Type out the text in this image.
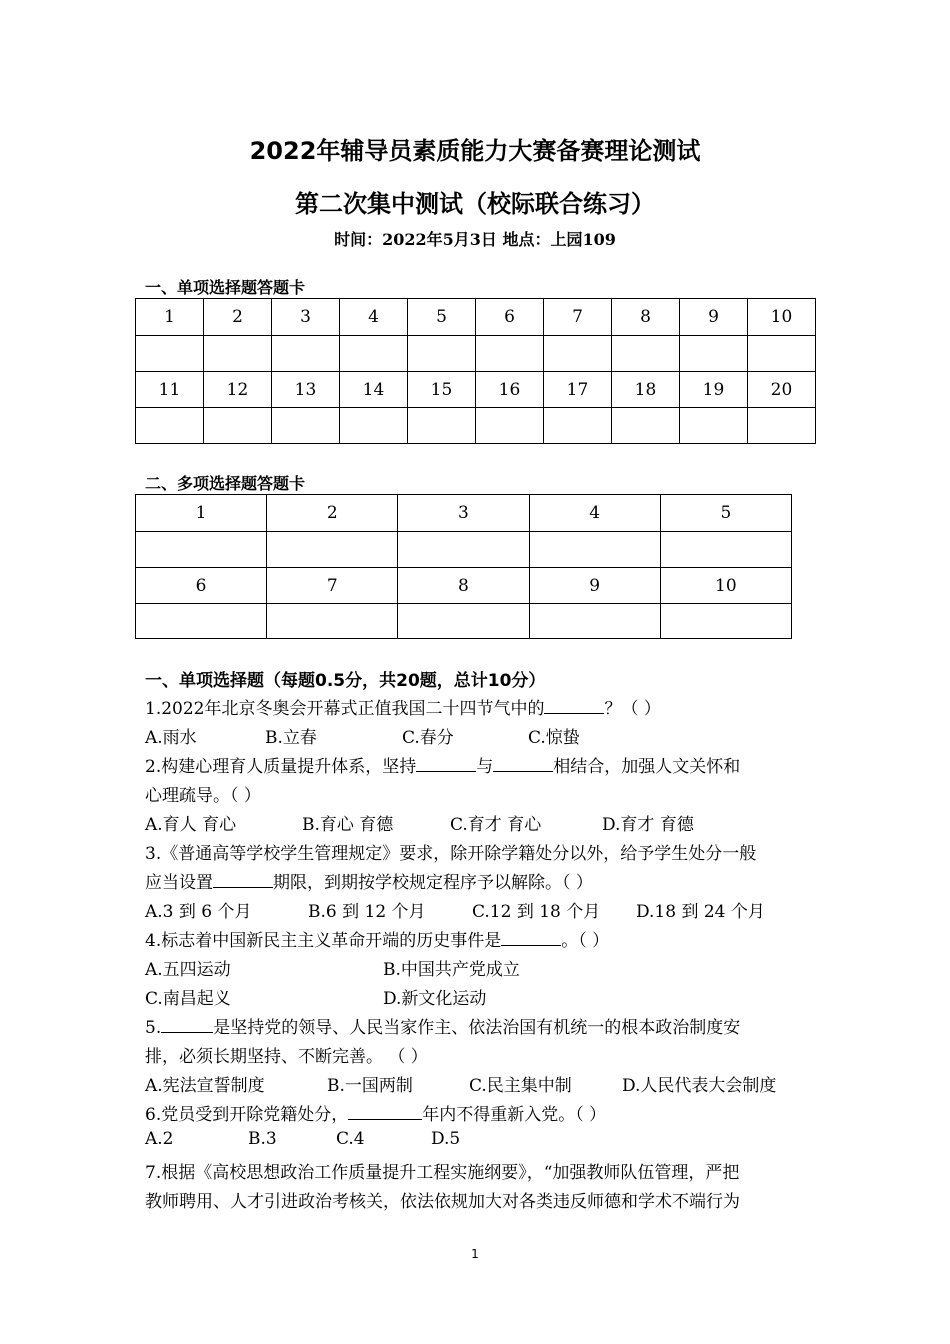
2022年辅导员素质能力大赛备赛理论测试
第二次集中测试（校际联合练习）
时间：2022年5月3日 地点：上园109
一、单项选择题答题卡
1	2	3	4	5	6	7	8	9	10

11	12	13	14	15	16	17	18	19	20

二、多项选择题答题卡
1	2	3	4	5

6	7	8	9	10

一、单项选择题（每题0.5分，共20题，总计10分）
1.2022年北京冬奥会开幕式正值我国二十四节气中的	？（ ）
A.雨水	B.立春	C.春分	C.惊蛰
2.构建心理育人质量提升体系，坚持	与	相结合，加强人文关怀和
心理疏导。（ ）
A.育人 育心	B.育心 育德	C.育才 育心	D.育才 育德
3.《普通高等学校学生管理规定》要求，除开除学籍处分以外，给予学生处分一般
应当设置	期限，到期按学校规定程序予以解除。（ ）
A.3 到 6 个月	B.6 到 12 个月	C.12 到 18 个月 D.18 到 24 个月
4.标志着中国新民主主义革命开端的历史事件是	。（ ）
A.五四运动	B.中国共产党成立
C.南昌起义	D.新文化运动
5.	是坚持党的领导、人民当家作主、依法治国有机统一的根本政治制度安
排，必须长期坚持、不断完善。 （ ）
A.宪法宣誓制度	B.一国两制	C.民主集中制	D.人民代表大会制度
6.党员受到开除党籍处分，	年内不得重新入党。（ ）
A.2	B.3	C.4	D.5
7.根据《高校思想政治工作质量提升工程实施纲要》，“加强教师队伍管理，严把
教师聘用、人才引进政治考核关，依法依规加大对各类违反师德和学术不端行为
1
